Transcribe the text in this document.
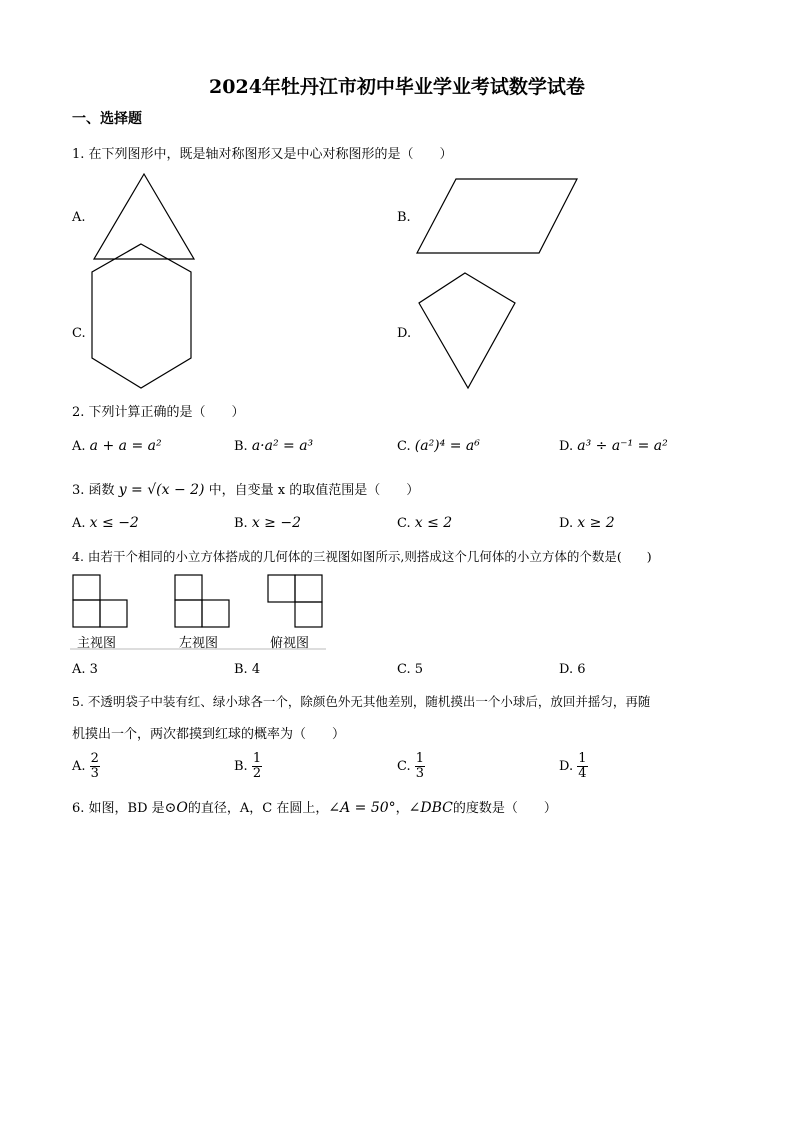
2024年牡丹江市初中毕业学业考试数学试卷
一、选择题
1. 在下列图形中，既是轴对称图形又是中心对称图形的是（　　）
A.	B.
C.	D.
2. 下列计算正确的是（　　）
A. a + a = a²	B. a·a² = a³	C. (a²)⁴ = a⁶	D. a³ ÷ a⁻¹ = a²
3. 函数 y = √(x − 2) 中，自变量 x 的取值范围是（　　）
A. x ≤ −2	B. x ≥ −2	C. x ≤ 2	D. x ≥ 2
4. 由若干个相同的小立方体搭成的几何体的三视图如图所示,则搭成这个几何体的小立方体的个数是(　　)
主视图	左视图	俯视图
A. 3	B. 4	C. 5	D. 6
5. 不透明袋子中装有红、绿小球各一个，除颜色外无其他差别，随机摸出一个小球后，放回并摇匀，再随
机摸出一个，两次都摸到红球的概率为（　　）
A. $\frac{2}{3}$	B. $\frac{1}{2}$	C. $\frac{1}{3}$	D. $\frac{1}{4}$
6. 如图，BD 是⊙O的直径，A，C 在圆上，∠A = 50°，∠DBC的度数是（　　）
